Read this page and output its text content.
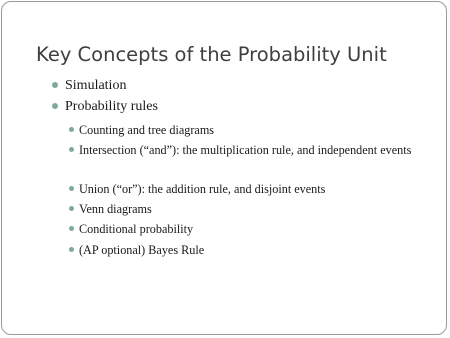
Key Concepts of the Probability Unit
Simulation
Probability rules
Counting and tree diagrams
Intersection (“and”): the multiplication rule, and independent events
Union (“or”): the addition rule, and disjoint events
Venn diagrams
Conditional probability
(AP optional) Bayes Rule
